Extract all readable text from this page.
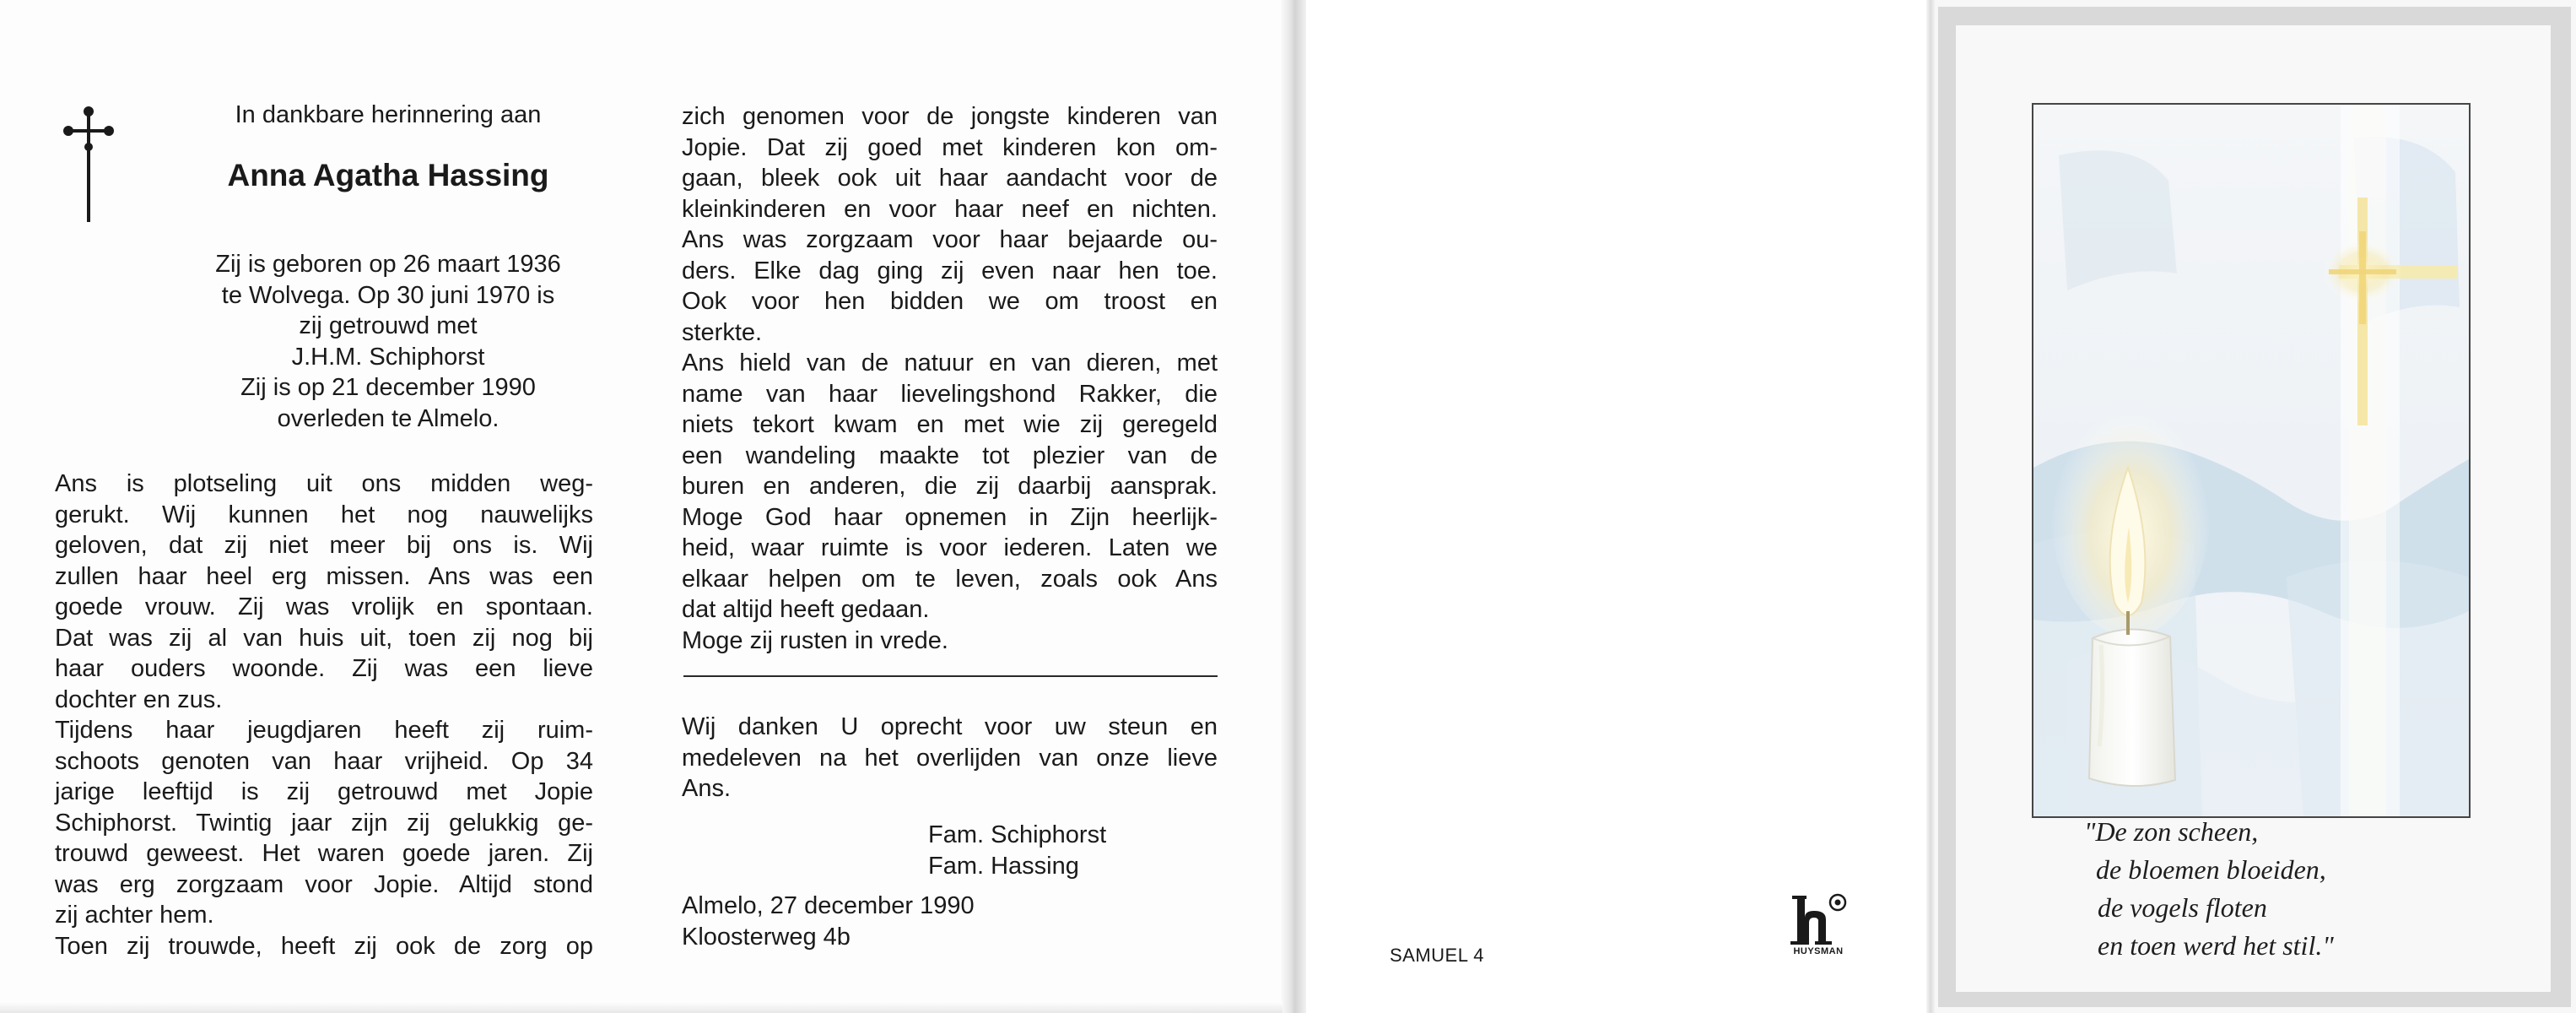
In dankbare herinnering aan
Anna Agatha Hassing
Zij is geboren op 26 maart 1936
te Wolvega. Op 30 juni 1970 is
zij getrouwd met
J.H.M. Schiphorst
Zij is op 21 december 1990
overleden te Almelo.
Ans is plotseling uit ons midden weg-
gerukt. Wij kunnen het nog nauwelijks
geloven, dat zij niet meer bij ons is. Wij
zullen haar heel erg missen. Ans was een
goede vrouw. Zij was vrolijk en spontaan.
Dat was zij al van huis uit, toen zij nog bij
haar ouders woonde. Zij was een lieve
dochter en zus.
Tijdens haar jeugdjaren heeft zij ruim-
schoots genoten van haar vrijheid. Op 34
jarige leeftijd is zij getrouwd met Jopie
Schiphorst. Twintig jaar zijn zij gelukkig ge-
trouwd geweest. Het waren goede jaren. Zij
was erg zorgzaam voor Jopie. Altijd stond
zij achter hem.
Toen zij trouwde, heeft zij ook de zorg op
zich genomen voor de jongste kinderen van
Jopie. Dat zij goed met kinderen kon om-
gaan, bleek ook uit haar aandacht voor de
kleinkinderen en voor haar neef en nichten.
Ans was zorgzaam voor haar bejaarde ou-
ders. Elke dag ging zij even naar hen toe.
Ook voor hen bidden we om troost en
sterkte.
Ans hield van de natuur en van dieren, met
name van haar lievelingshond Rakker, die
niets tekort kwam en met wie zij geregeld
een wandeling maakte tot plezier van de
buren en anderen, die zij daarbij aansprak.
Moge God haar opnemen in Zijn heerlijk-
heid, waar ruimte is voor iederen. Laten we
elkaar helpen om te leven, zoals ook Ans
dat altijd heeft gedaan.
Moge zij rusten in vrede.
Wij danken U oprecht voor uw steun en
medeleven na het overlijden van onze lieve
Ans.
Fam. Schiphorst
Fam. Hassing
Almelo, 27 december 1990
Kloosterweg 4b
SAMUEL 4	HUYSMAN
"De zon scheen,
de bloemen bloeiden,
de vogels floten
en toen werd het stil."
